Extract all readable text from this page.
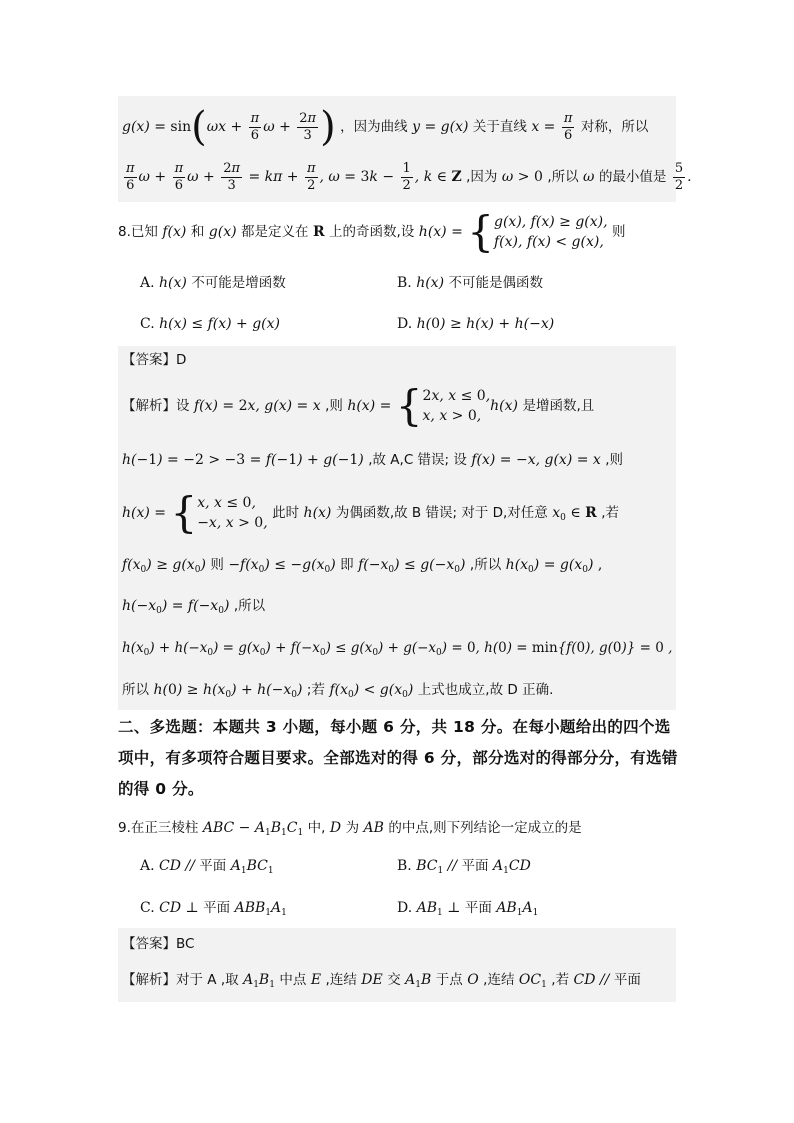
$g(x) = \sin(\omega x + \frac{\pi}{6}$ $\omega + \frac{2\pi}{3}$ ) ，因为曲线 y = g(x) 关于直线 $x = \frac{\pi}{6}$ 对称，所以
$\frac{\pi}{6}$ $\omega + \frac{\pi}{6}$ $\omega + \frac{2\pi}{3} = k\pi + \frac{\pi}{2}$ , $\omega = 3k - \frac{1}{2}$ , k ∈ Z ,因为 ω > 0 ,所以 ω 的最小值是 $\frac{5}{2}$ .
8.已知 f(x) 和 g(x) 都是定义在 R 上的奇函数,设 h(x) = { g(x), f(x) ≥ g(x),
f(x), f(x) < g(x),
则
A. h(x) 不可能是增函数	B. h(x) 不可能是偶函数
C. h(x) ≤ f(x) + g(x)	D. h(0) ≥ h(x) + h(−x)
【答案】D
【解析】设 f(x) = 2x, g(x) = x ,则 h(x) = { 2x, x ≤ 0,
x, x > 0,
h(x) 是增函数,且
h(−1) = −2 > −3 = f(−1) + g(−1) ,故 A,C 错误; 设 f(x) = −x, g(x) = x ,则
h(x) = { x, x ≤ 0,
−x, x > 0,
此时 h(x) 为偶函数,故 B 错误; 对于 D,对任意 $x_0$ ∈ R ,若
$f(x_0) \ge g(x_0)$ 则 $-f(x_0) \le -g(x_0)$ 即 $f(-x_0) \le g(-x_0)$ ,所以 $h(x_0) = g(x_0)$ ,
$h(-x_0) = f(-x_0)$ ,所以
$h(x_0) + h(-x_0) = g(x_0) + f(-x_0) \le g(x_0) + g(-x_0) = 0$, h(0) = min{f(0), g(0)} = 0 ,
所以 $h(0) \ge h(x_0) + h(-x_0)$ ;若 $f(x_0) < g(x_0)$ 上式也成立,故 D 正确.
二、多选题：本题共 3 小题，每小题 6 分，共 18 分。在每小题给出的四个选项中，有多项符合题目要求。全部选对的得 6 分，部分选对的得部分分，有选错的得 0 分。
9.在正三棱柱 ABC − $A_1B_1C_1$ 中, D 为 AB 的中点,则下列结论一定成立的是
A. CD // 平面 $A_1BC_1$	B. $BC_1$ // 平面 $A_1CD$
C. CD ⊥ 平面 $ABB_1A_1$	D. $AB_1$ ⊥ 平面 $AB_1A_1$
【答案】BC
【解析】对于 A ,取 $A_1B_1$ 中点 E ,连结 DE 交 $A_1B$ 于点 O ,连结 $OC_1$ ,若 CD // 平面
